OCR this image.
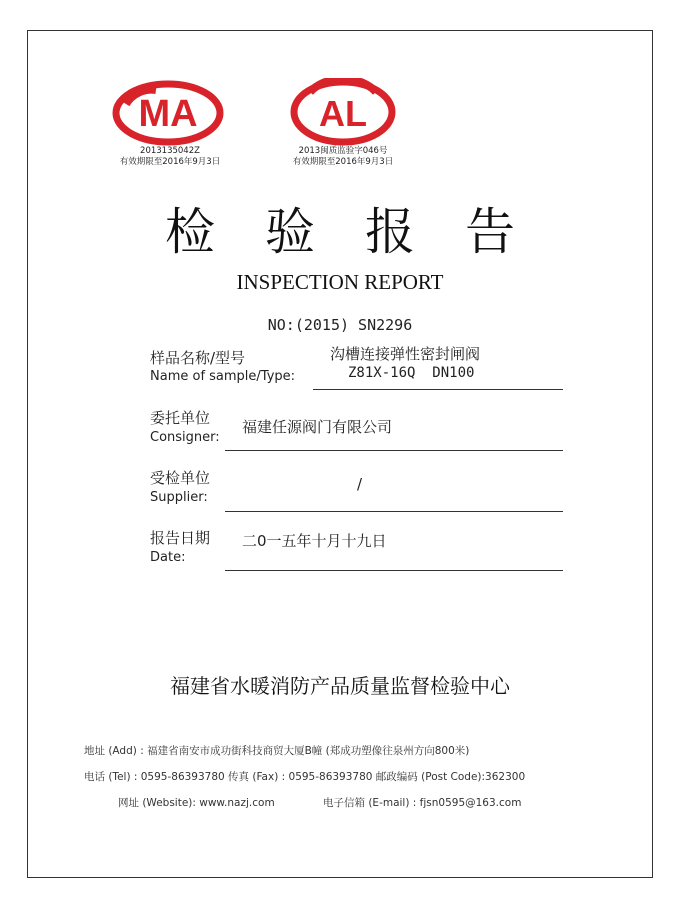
MA
2013135042Z
有效期限至2016年9月3日
AL
2013闽质监验字046号
有效期限至2016年9月3日
检验报告
INSPECTION REPORT
NO:(2015) SN2296
样品名称/型号
Name of sample/Type:
沟槽连接弹性密封闸阀
Z81X-16Q  DN100
委托单位
Consigner:
福建任源阀门有限公司
受检单位
Supplier:
/
报告日期
Date:
二0一五年十月十九日
福建省水暖消防产品质量监督检验中心
地址 (Add) : 福建省南安市成功街科技商贸大厦B幢 (郑成功塑像往泉州方向800米)
电话 (Tel) : 0595-86393780 传真 (Fax) : 0595-86393780 邮政编码 (Post Code):362300
网址 (Website): www.nazj.com	电子信箱 (E-mail) : fjsn0595@163.com
